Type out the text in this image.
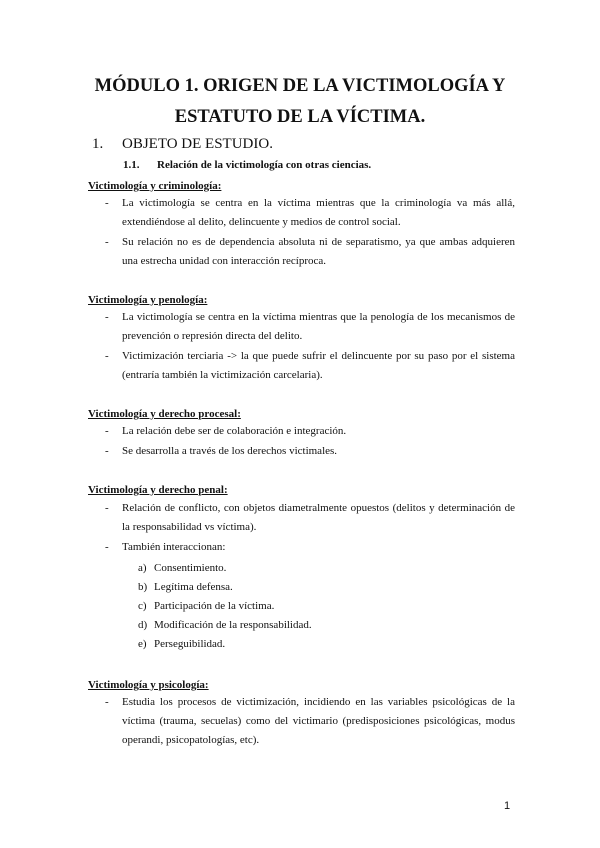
MÓDULO 1. ORIGEN DE LA VICTIMOLOGÍA Y
ESTATUTO DE LA VÍCTIMA.
1. OBJETO DE ESTUDIO.
1.1. Relación de la victimología con otras ciencias.
Victimología y criminología:
- La victimología se centra en la víctima mientras que la criminología va más allá, extendiéndose al delito, delincuente y medios de control social.
- Su relación no es de dependencia absoluta ni de separatismo, ya que ambas adquieren una estrecha unidad con interacción recíproca.
Victimología y penología:
- La victimología se centra en la víctima mientras que la penología de los mecanismos de prevención o represión directa del delito.
- Victimización terciaria -> la que puede sufrir el delincuente por su paso por el sistema (entraría también la victimización carcelaria).
Victimología y derecho procesal:
- La relación debe ser de colaboración e integración.
- Se desarrolla a través de los derechos victimales.
Victimología y derecho penal:
- Relación de conflicto, con objetos diametralmente opuestos (delitos y determinación de la responsabilidad vs víctima).
- También interaccionan:
a) Consentimiento.
b) Legítima defensa.
c) Participación de la víctima.
d) Modificación de la responsabilidad.
e) Perseguibilidad.
Victimología y psicología:
- Estudia los procesos de victimización, incidiendo en las variables psicológicas de la víctima (trauma, secuelas) como del victimario (predisposiciones psicológicas, modus operandi, psicopatologías, etc).
1
